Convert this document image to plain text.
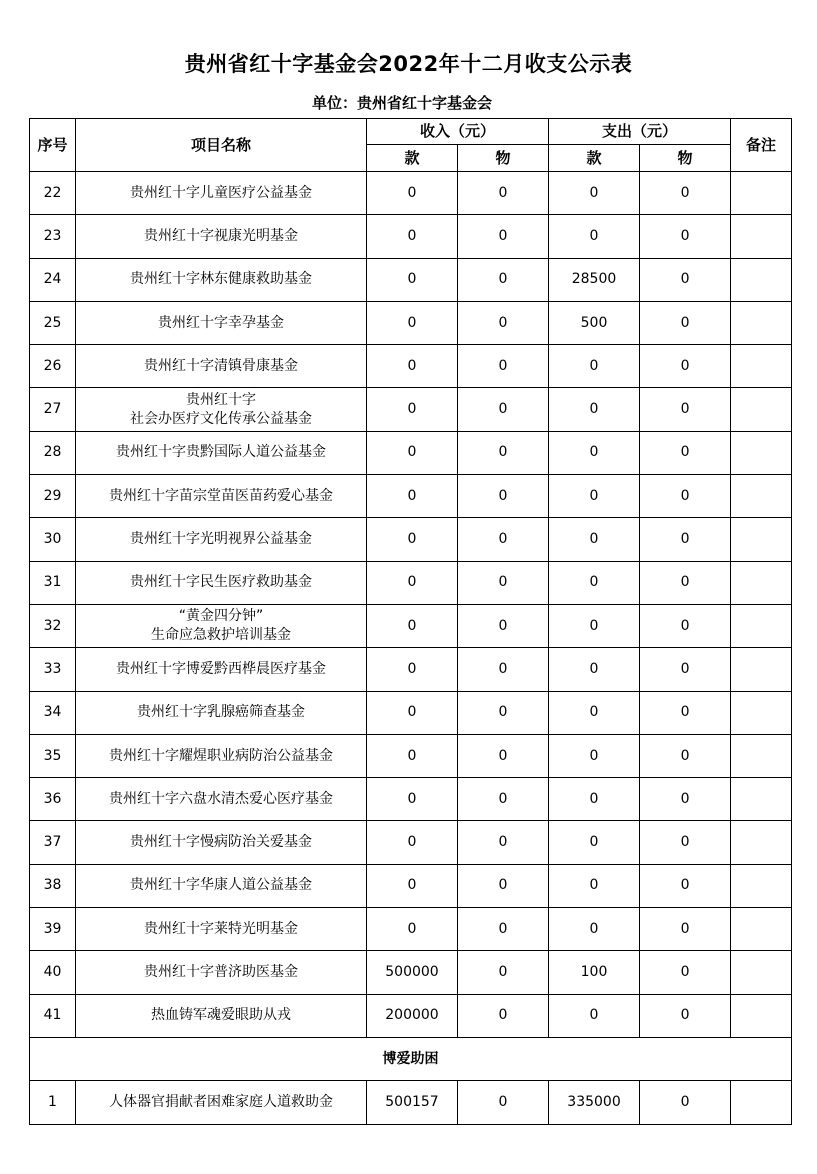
贵州省红十字基金会2022年十二月收支公示表
单位：贵州省红十字基金会
序号	项目名称	收入（元）		支出（元）		备注
		款	物	款	物	
22	贵州红十字儿童医疗公益基金	0	0	0	0	
23	贵州红十字视康光明基金	0	0	0	0	
24	贵州红十字林东健康救助基金	0	0	28500	0	
25	贵州红十字幸孕基金	0	0	500	0	
26	贵州红十字清镇骨康基金	0	0	0	0	
27	贵州红十字
社会办医疗文化传承公益基金	0	0	0	0	
28	贵州红十字贵黔国际人道公益基金	0	0	0	0	
29	贵州红十字苗宗堂苗医苗药爱心基金	0	0	0	0	
30	贵州红十字光明视界公益基金	0	0	0	0	
31	贵州红十字民生医疗救助基金	0	0	0	0	
32	“黄金四分钟”
生命应急救护培训基金	0	0	0	0	
33	贵州红十字博爱黔西桦晨医疗基金	0	0	0	0	
34	贵州红十字乳腺癌筛查基金	0	0	0	0	
35	贵州红十字耀煋职业病防治公益基金	0	0	0	0	
36	贵州红十字六盘水清杰爱心医疗基金	0	0	0	0	
37	贵州红十字慢病防治关爱基金	0	0	0	0	
38	贵州红十字华康人道公益基金	0	0	0	0	
39	贵州红十字莱特光明基金	0	0	0	0	
40	贵州红十字普济助医基金	500000	0	100	0	
41	热血铸军魂爱眼助从戎	200000	0	0	0	
博爱助困						
1	人体器官捐献者困难家庭人道救助金	500157	0	335000	0	
